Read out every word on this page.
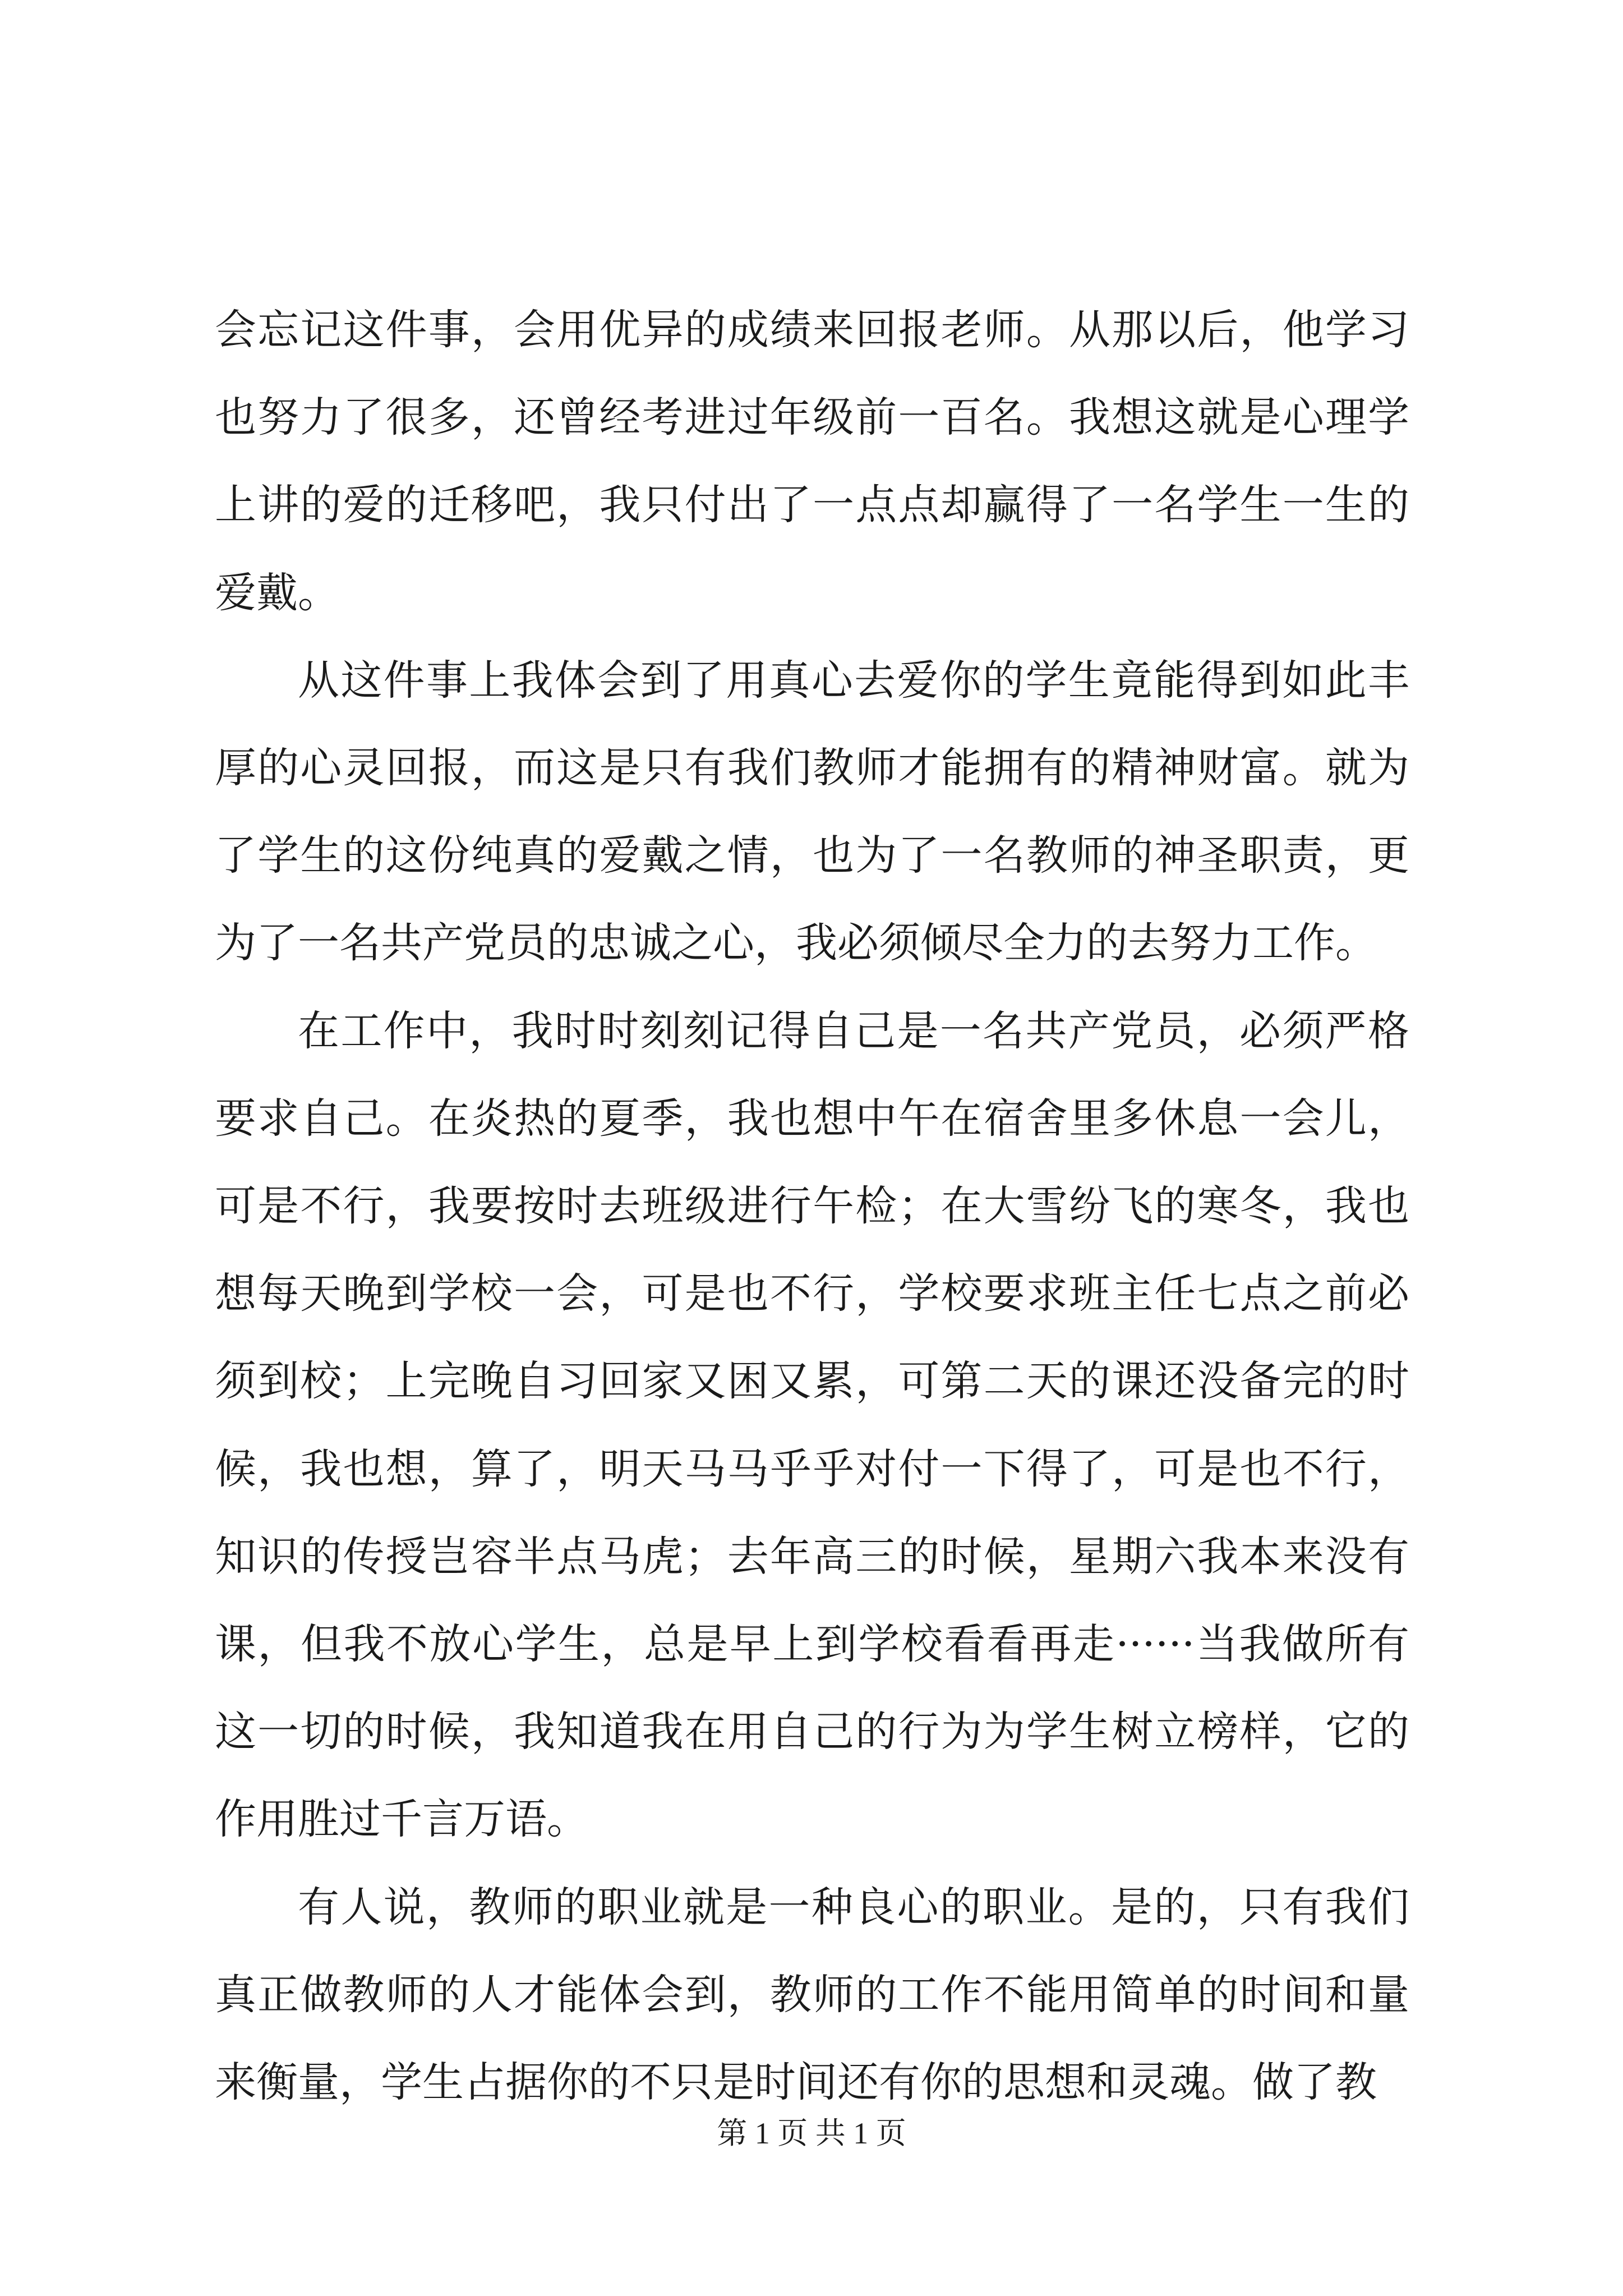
会忘记这件事，会用优异的成绩来回报老师。从那以后，他学习也努力了很多，还曾经考进过年级前一百名。我想这就是心理学上讲的爱的迁移吧，我只付出了一点点却赢得了一名学生一生的爱戴。

从这件事上我体会到了用真心去爱你的学生竟能得到如此丰厚的心灵回报，而这是只有我们教师才能拥有的精神财富。就为了学生的这份纯真的爱戴之情，也为了一名教师的神圣职责，更为了一名共产党员的忠诚之心，我必须倾尽全力的去努力工作。

在工作中，我时时刻刻记得自己是一名共产党员，必须严格要求自己。在炎热的夏季，我也想中午在宿舍里多休息一会儿，可是不行，我要按时去班级进行午检；在大雪纷飞的寒冬，我也想每天晚到学校一会，可是也不行，学校要求班主任七点之前必须到校；上完晚自习回家又困又累，可第二天的课还没备完的时候，我也想，算了，明天马马乎乎对付一下得了，可是也不行，知识的传授岂容半点马虎；去年高三的时候，星期六我本来没有课，但我不放心学生，总是早上到学校看看再走······当我做所有这一切的时候，我知道我在用自己的行为为学生树立榜样，它的作用胜过千言万语。

有人说，教师的职业就是一种良心的职业。是的，只有我们真正做教师的人才能体会到，教师的工作不能用简单的时间和量来衡量，学生占据你的不只是时间还有你的思想和灵魂。做了教

第 1 页 共 1 页
